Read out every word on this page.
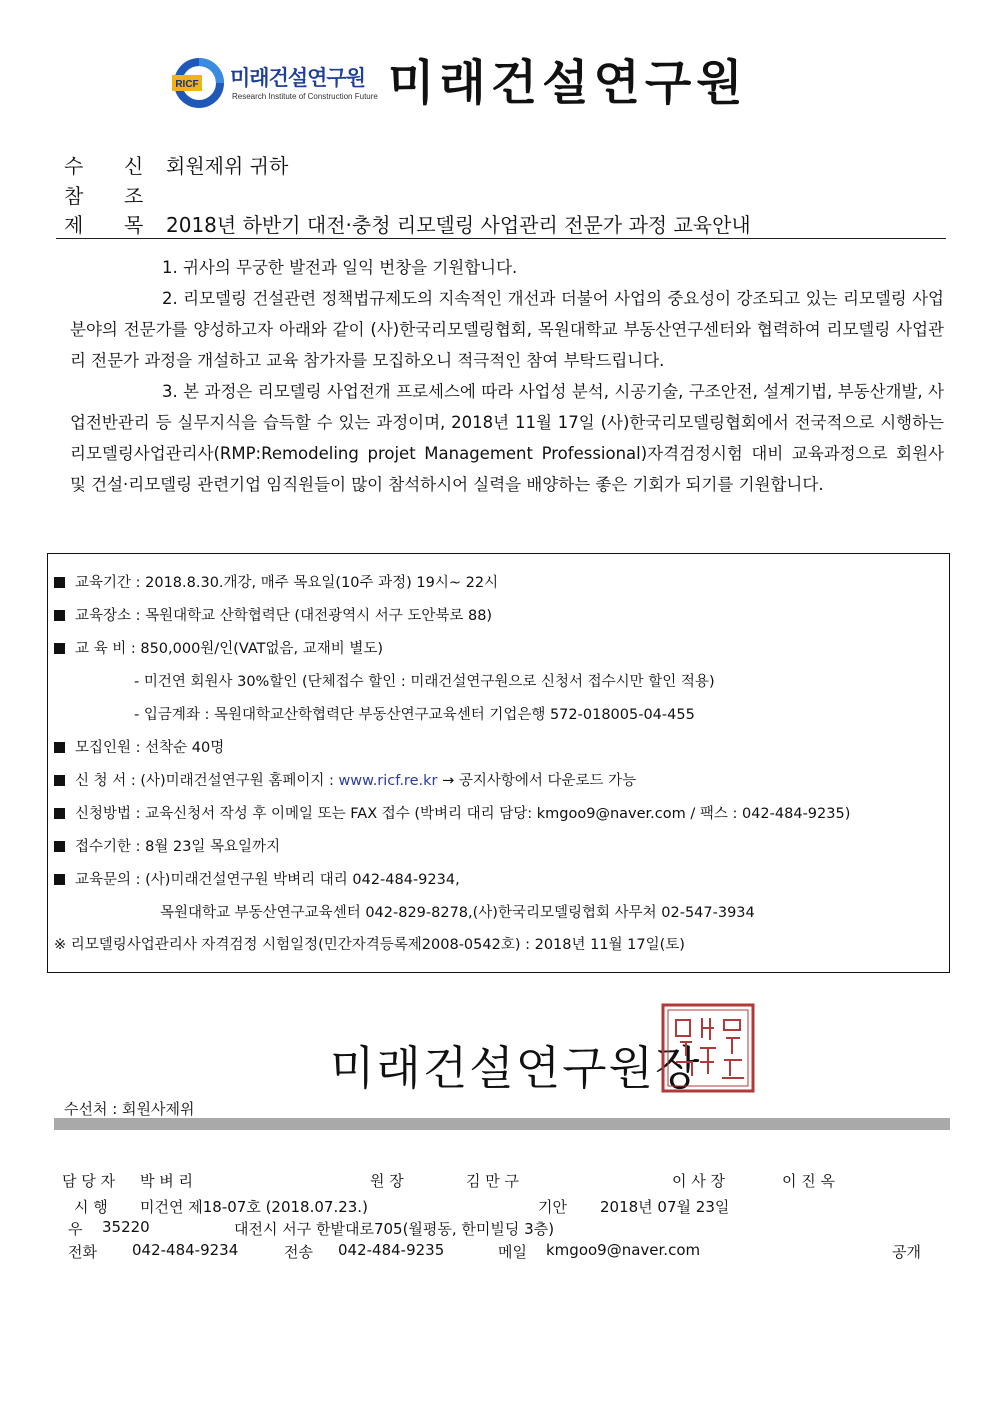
RICF 미래건설연구원
Research Institute of Construction Future 미래건설연구원
수 신 회원제위 귀하
참 조
제 목 2018년 하반기 대전·충청 리모델링 사업관리 전문가 과정 교육안내

1. 귀사의 무궁한 발전과 일익 번창을 기원합니다.

2. 리모델링 건설관련 정책법규제도의 지속적인 개선과 더불어 사업의 중요성이 강조되고 있는 리모델링 사업분야의 전문가를 양성하고자 아래와 같이 (사)한국리모델링협회, 목원대학교 부동산연구센터와 협력하여 리모델링 사업관리 전문가 과정을 개설하고 교육 참가자를 모집하오니 적극적인 참여 부탁드립니다.

3. 본 과정은 리모델링 사업전개 프로세스에 따라 사업성 분석, 시공기술, 구조안전, 설계기법, 부동산개발, 사업전반관리 등 실무지식을 습득할 수 있는 과정이며, 2018년 11월 17일 (사)한국리모델링협회에서 전국적으로 시행하는 리모델링사업관리사(RMP:Remodeling projet Management Professional)자격검정시험 대비 교육과정으로 회원사 및 건설·리모델링 관련기업 임직원들이 많이 참석하시어 실력을 배양하는 좋은 기회가 되기를 기원합니다.

교육기간 : 2018.8.30.개강, 매주 목요일(10주 과정) 19시~ 22시
교육장소 : 목원대학교 산학협력단 (대전광역시 서구 도안북로 88)
교 육 비 : 850,000원/인(VAT없음, 교재비 별도)
- 미건연 회원사 30%할인 (단체접수 할인 : 미래건설연구원으로 신청서 접수시만 할인 적용)
- 입금계좌 : 목원대학교산학협력단 부동산연구교육센터 기업은행 572-018005-04-455
모집인원 : 선착순 40명
신 청 서 : (사)미래건설연구원 홈페이지 : www.ricf.re.kr → 공지사항에서 다운로드 가능
신청방법 : 교육신청서 작성 후 이메일 또는 FAX 접수 (박벼리 대리 담당: kmgoo9@naver.com / 팩스 : 042-484-9235)
접수기한 : 8월 23일 목요일까지
교육문의 : (사)미래건설연구원 박벼리 대리 042-484-9234,
목원대학교 부동산연구교육센터 042-829-8278,(사)한국리모델링협회 사무처 02-547-3934
※ 리모델링사업관리사 자격검정 시험일정(민간자격등록제2008-0542호) : 2018년 11월 17일(토)
미래건설연구원장
수선처 : 회원사제위
담 당 자 박 벼 리	원 장	김 만 구	이 사 장	이 진 옥
시 행 미건연 제18-07호 (2018.07.23.)	기안 2018년 07월 23일
우 35220	대전시 서구 한밭대로705(월평동, 한미빌딩 3층)
전화 042-484-9234	전송 042-484-9235	메일 kmgoo9@naver.com	공개
